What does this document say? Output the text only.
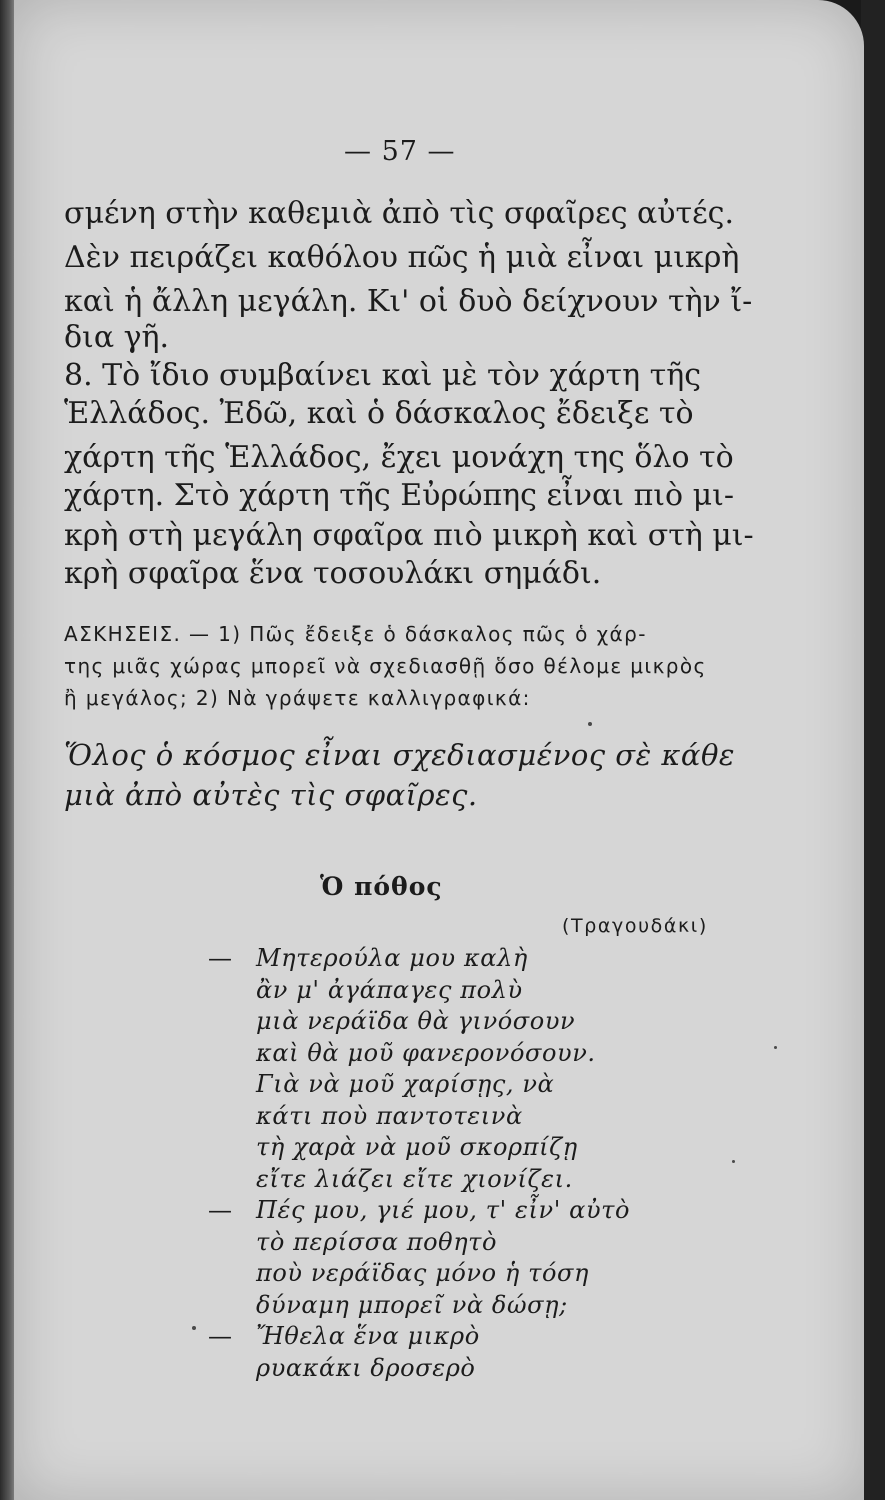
— 57 —
σμένη στὴν καθεμιὰ ἀπὸ τὶς σφαῖρες αὐτές.
Δὲν πειράζει καθόλου πῶς ἡ μιὰ εἶναι μικρὴ
καὶ ἡ ἄλλη μεγάλη. Κι' οἱ δυὸ δείχνουν τὴν ἴ-
δια γῆ.
8. Τὸ ἴδιο συμβαίνει καὶ μὲ τὸν χάρτη τῆς
Ἑλλάδος. Ἐδῶ, καὶ ὁ δάσκαλος ἔδειξε τὸ
χάρτη τῆς Ἑλλάδος, ἔχει μονάχη της ὅλο τὸ
χάρτη. Στὸ χάρτη τῆς Εὐρώπης εἶναι πιὸ μι-
κρὴ στὴ μεγάλη σφαῖρα πιὸ μικρὴ καὶ στὴ μι-
κρὴ σφαῖρα ἕνα τοσουλάκι σημάδι.
ΑΣΚΗΣΕΙΣ. — 1) Πῶς ἔδειξε ὁ δάσκαλος πῶς ὁ χάρ-
της μιᾶς χώρας μπορεῖ νὰ σχεδιασθῇ ὅσο θέλομε μικρὸς
ἢ μεγάλος; 2) Νὰ γράψετε καλλιγραφικά:
Ὅλος ὁ κόσμος εἶναι σχεδιασμένος σὲ κάθε
μιὰ ἀπὸ αὐτὲς τὶς σφαῖρες.
Ὁ πόθος
(Τραγουδάκι)
— Μητερούλα μου καλὴ
ἂν μ' ἀγάπαγες πολὺ
μιὰ νεράϊδα θὰ γινόσουν
καὶ θὰ μοῦ φανερονόσουν.
Γιὰ νὰ μοῦ χαρίσῃς, νὰ
κάτι ποὺ παντοτεινὰ
τὴ χαρὰ νὰ μοῦ σκορπίζῃ
εἴτε λιάζει εἴτε χιονίζει.
— Πές μου, γιέ μου, τ' εἶν' αὐτὸ
τὸ περίσσα ποθητὸ
ποὺ νεράϊδας μόνο ἡ τόση
δύναμη μπορεῖ νὰ δώσῃ;
— Ἤθελα ἕνα μικρὸ
ρυακάκι δροσερὸ
